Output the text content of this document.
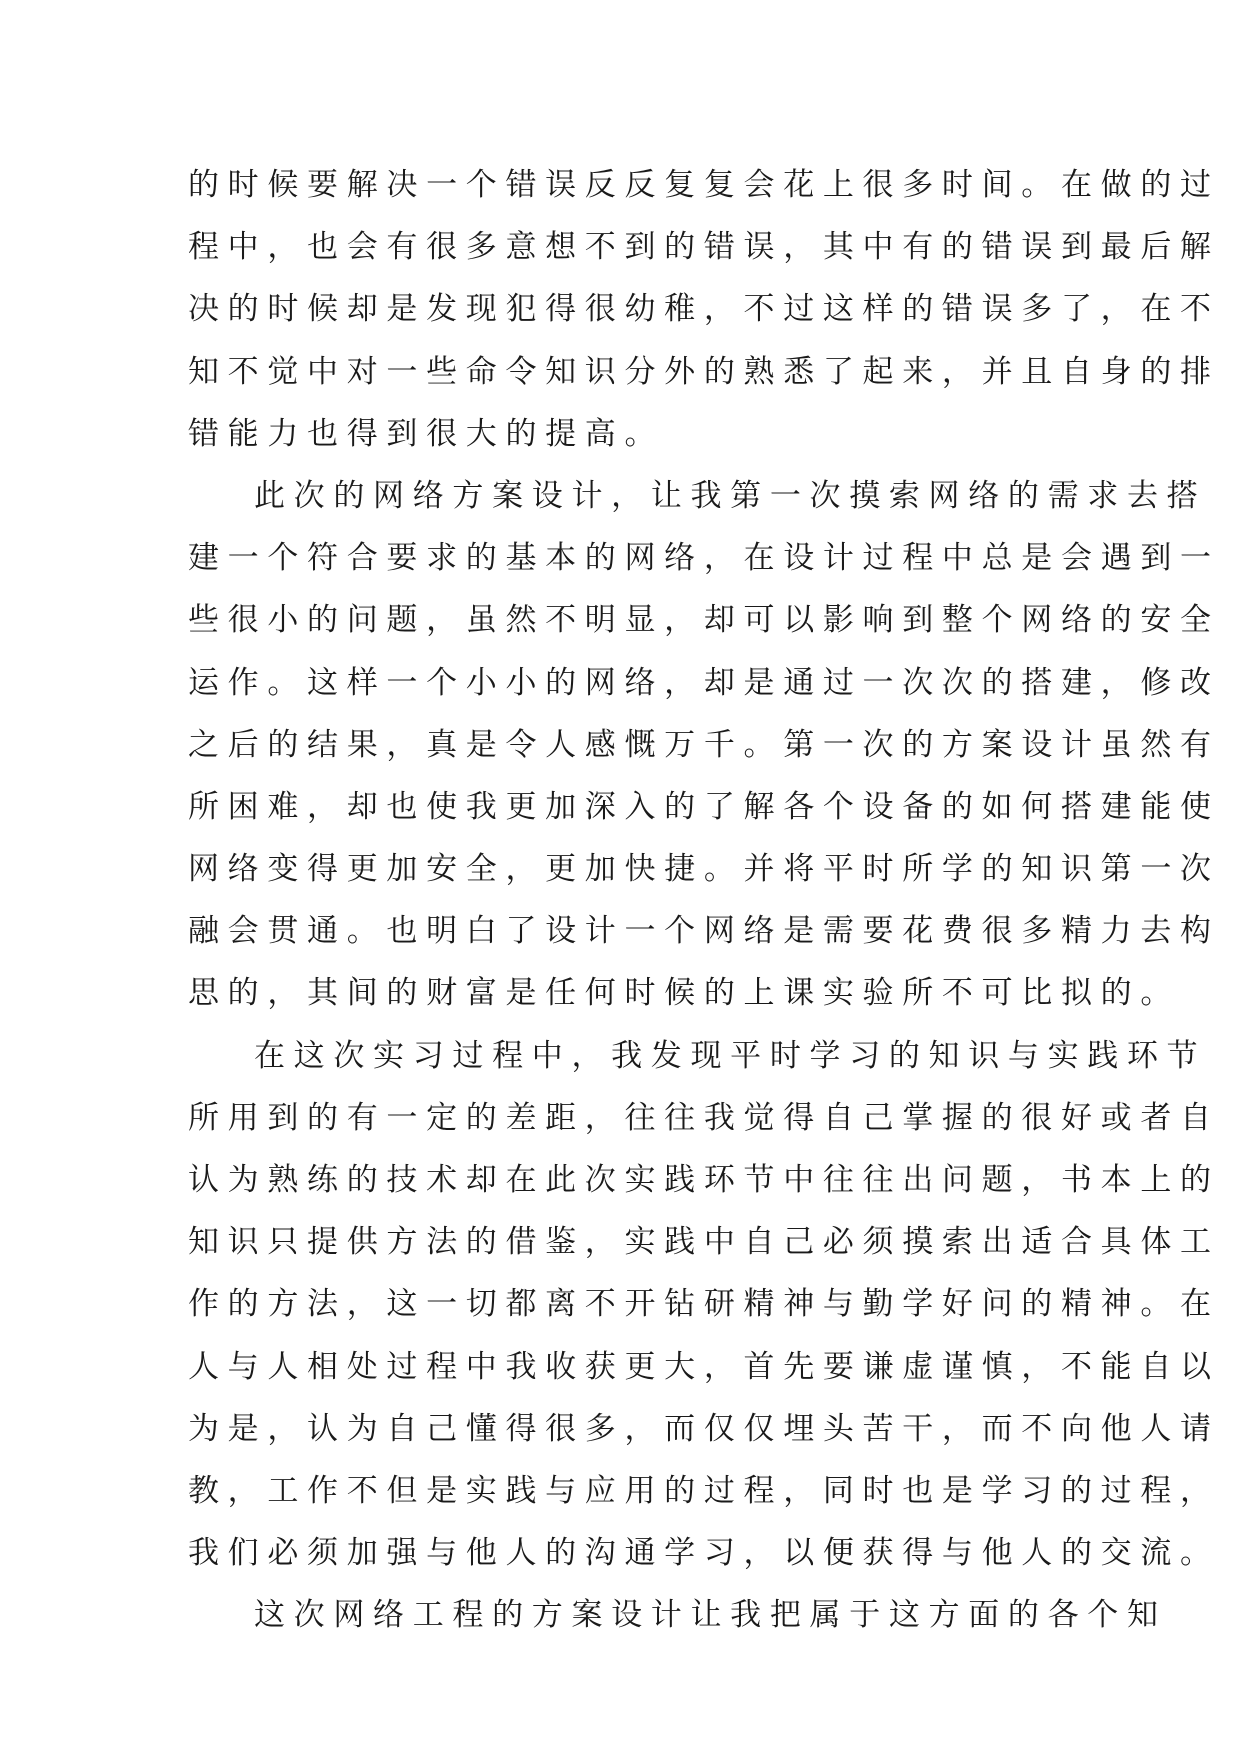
的时候要解决一个错误反反复复会花上很多时间。在做的过
程中，也会有很多意想不到的错误，其中有的错误到最后解
决的时候却是发现犯得很幼稚，不过这样的错误多了，在不
知不觉中对一些命令知识分外的熟悉了起来，并且自身的排
错能力也得到很大的提高。
此次的网络方案设计，让我第一次摸索网络的需求去搭
建一个符合要求的基本的网络，在设计过程中总是会遇到一
些很小的问题，虽然不明显，却可以影响到整个网络的安全
运作。这样一个小小的网络，却是通过一次次的搭建，修改
之后的结果，真是令人感慨万千。第一次的方案设计虽然有
所困难，却也使我更加深入的了解各个设备的如何搭建能使
网络变得更加安全，更加快捷。并将平时所学的知识第一次
融会贯通。也明白了设计一个网络是需要花费很多精力去构
思的，其间的财富是任何时候的上课实验所不可比拟的。
在这次实习过程中，我发现平时学习的知识与实践环节
所用到的有一定的差距，往往我觉得自己掌握的很好或者自
认为熟练的技术却在此次实践环节中往往出问题，书本上的
知识只提供方法的借鉴，实践中自己必须摸索出适合具体工
作的方法，这一切都离不开钻研精神与勤学好问的精神。在
人与人相处过程中我收获更大，首先要谦虚谨慎，不能自以
为是，认为自己懂得很多，而仅仅埋头苦干，而不向他人请
教，工作不但是实践与应用的过程，同时也是学习的过程，
我们必须加强与他人的沟通学习，以便获得与他人的交流。
这次网络工程的方案设计让我把属于这方面的各个知
